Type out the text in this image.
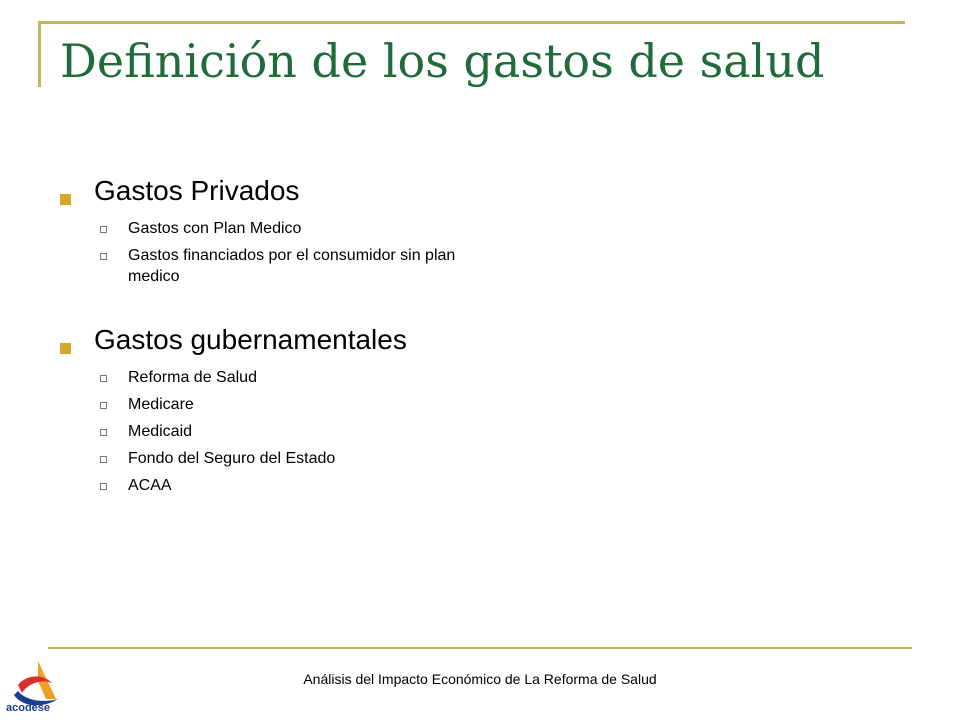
Definición de los gastos de salud
Gastos Privados
Gastos con Plan Medico
Gastos financiados por el consumidor sin plan medico
Gastos gubernamentales
Reforma de Salud
Medicare
Medicaid
Fondo del Seguro del Estado
ACAA
Análisis del Impacto Económico de La Reforma de Salud
acodese
